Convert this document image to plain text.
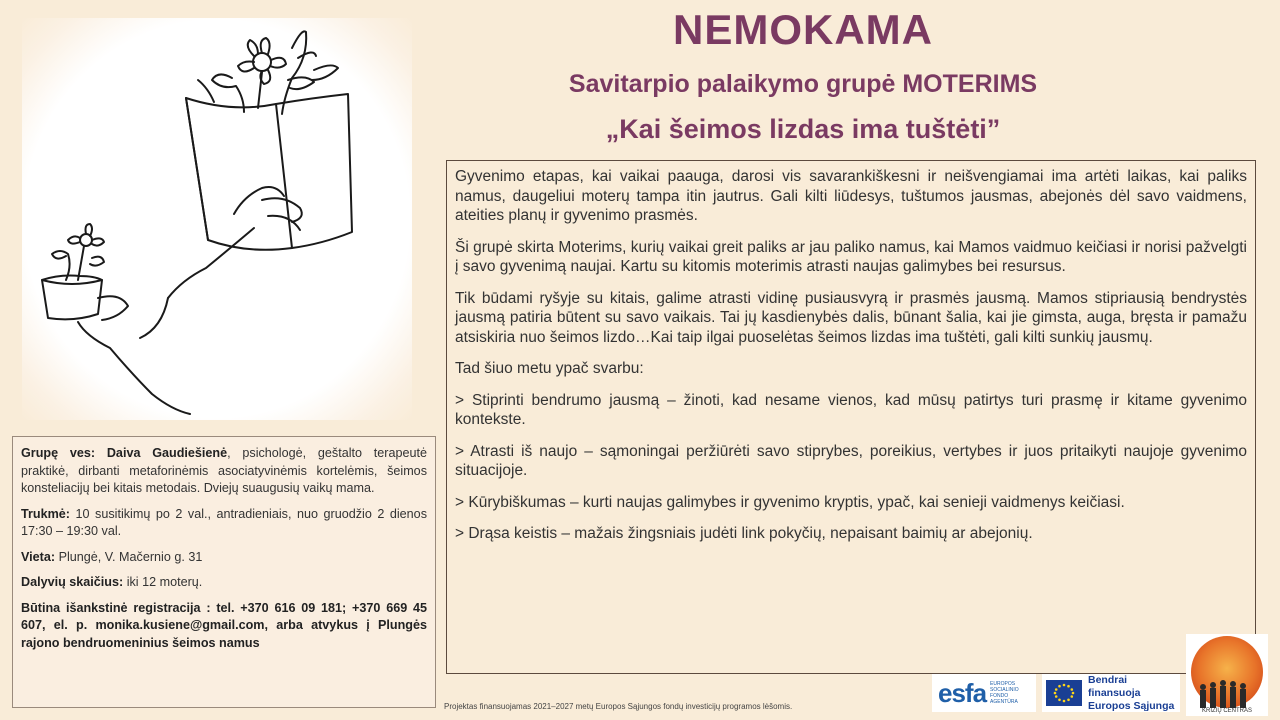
NEMOKAMA
Savitarpio palaikymo grupė MOTERIMS
„Kai šeimos lizdas ima tuštėti”

Gyvenimo etapas, kai vaikai paauga, darosi vis savarankiškesni ir neišvengiamai ima artėti laikas, kai paliks namus, daugeliui moterų tampa itin jautrus. Gali kilti liūdesys, tuštumos jausmas, abejonės dėl savo vaidmens, ateities planų ir gyvenimo prasmės.

Ši grupė skirta Moterims, kurių vaikai greit paliks ar jau paliko namus, kai Mamos vaidmuo keičiasi ir norisi pažvelgti į savo gyvenimą naujai. Kartu su kitomis moterimis atrasti naujas galimybes bei resursus.

Tik būdami ryšyje su kitais, galime atrasti vidinę pusiausvyrą ir prasmės jausmą. Mamos stipriausią bendrystės jausmą patiria būtent su savo vaikais. Tai jų kasdienybės dalis, būnant šalia, kai jie gimsta, auga, bręsta ir pamažu atsiskiria nuo šeimos lizdo…Kai taip ilgai puoselėtas šeimos lizdas ima tuštėti, gali kilti sunkių jausmų.

Tad šiuo metu ypač svarbu:

> Stiprinti bendrumo jausmą – žinoti, kad nesame vienos, kad mūsų patirtys turi prasmę ir kitame gyvenimo kontekste.

> Atrasti iš naujo – sąmoningai peržiūrėti savo stiprybes, poreikius, vertybes ir juos pritaikyti naujoje gyvenimo situacijoje.

> Kūrybiškumas – kurti naujas galimybes ir gyvenimo kryptis, ypač, kai senieji vaidmenys keičiasi.

> Drąsa keistis – mažais žingsniais judėti link pokyčių, nepaisant baimių ar abejonių.

Grupę ves: Daiva Gaudiešienė, psichologė, geštalto terapeutė praktikė, dirbanti metaforinėmis asociatyvinėmis kortelėmis, šeimos konsteliacijų bei kitais metodais. Dviejų suaugusių vaikų mama.

Trukmė: 10 susitikimų po 2 val., antradieniais, nuo gruodžio 2 dienos 17:30 – 19:30 val.

Vieta: Plungė, V. Mačernio g. 31

Dalyvių skaičius: iki 12 moterų.

Būtina išankstinė registracija : tel. +370 616 09 181; +370 669 45 607, el. p. monika.kusiene@gmail.com, arba atvykus į Plungės rajono bendruomeninius šeimos namus

Projektas finansuojamas 2021–2027 metų Europos Sąjungos fondų investicijų programos lėšomis.	esfa EUROPOS SOCIALINIO FONDO AGENTŪRA
Bendrai finansuoja
Europos Sąjunga	KRIZIŲ CENTRAS
